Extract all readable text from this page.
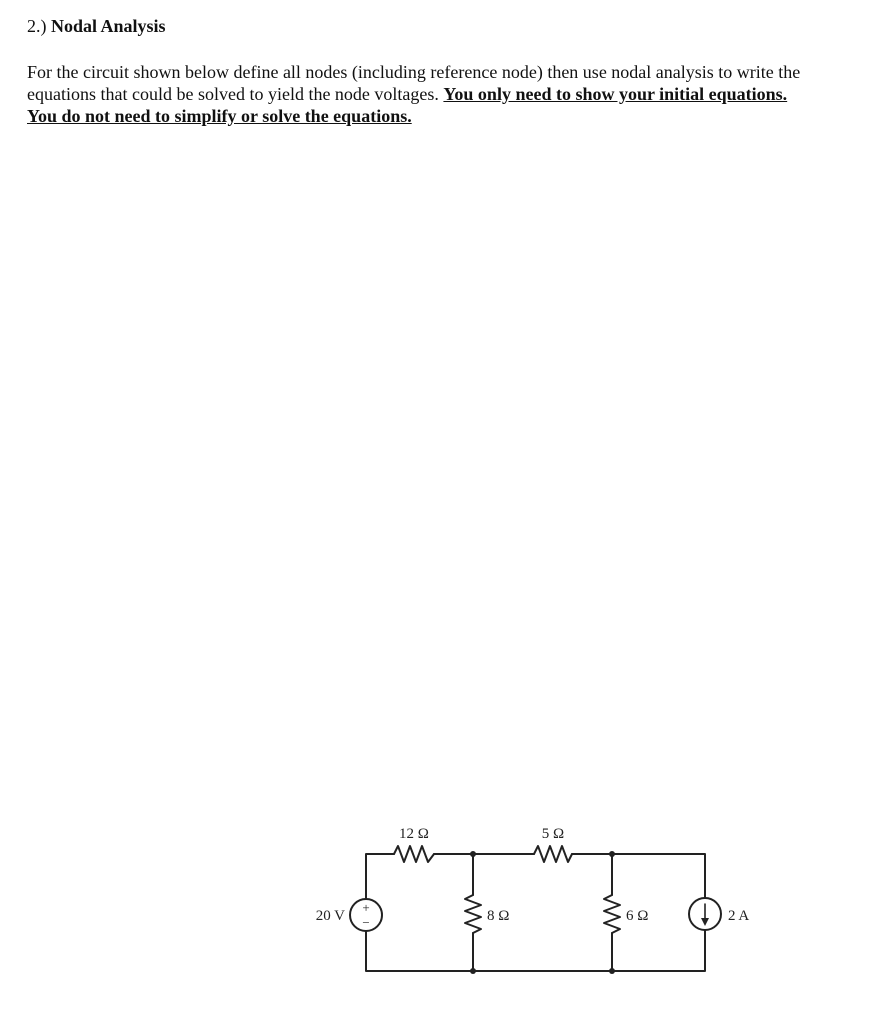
2.) Nodal Analysis
For the circuit shown below define all nodes (including reference node) then use nodal analysis to write the equations that could be solved to yield the node voltages. You only need to show your initial equations. You do not need to simplify or solve the equations.
+
−
12 Ω	5 Ω
8 Ω	6 Ω
20 V	2 A
